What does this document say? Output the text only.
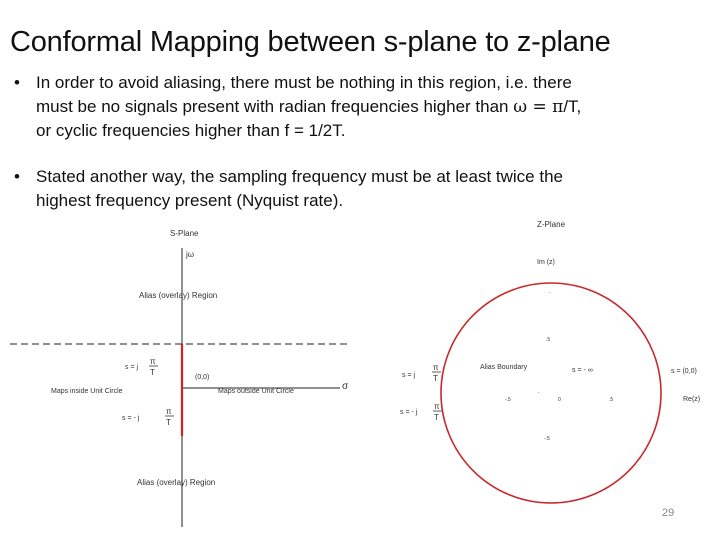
Conformal Mapping between s-plane to z-plane
• In order to avoid aliasing, there must be nothing in this region, i.e. there
must be no signals present with radian frequencies higher than ω = π/T,
or cyclic frequencies higher than f = 1/2T.
• Stated another way, the sampling frequency must be at least twice the
highest frequency present (Nyquist rate).
S-Plane
jω
Alias (overlay) Region
σ
s = j
π
T
(0,0)
Maps inside Unit Circle	Maps outside Unit Circle
s = - j
π
T
Alias (overlay) Region
Z-Plane
Im (z)
.
.5
-.5
.
0	.5
-.5
Alias Boundary	s = - ∞
s = j
π
T
s = - j
π
T
s = (0,0)
Re(z)
29
